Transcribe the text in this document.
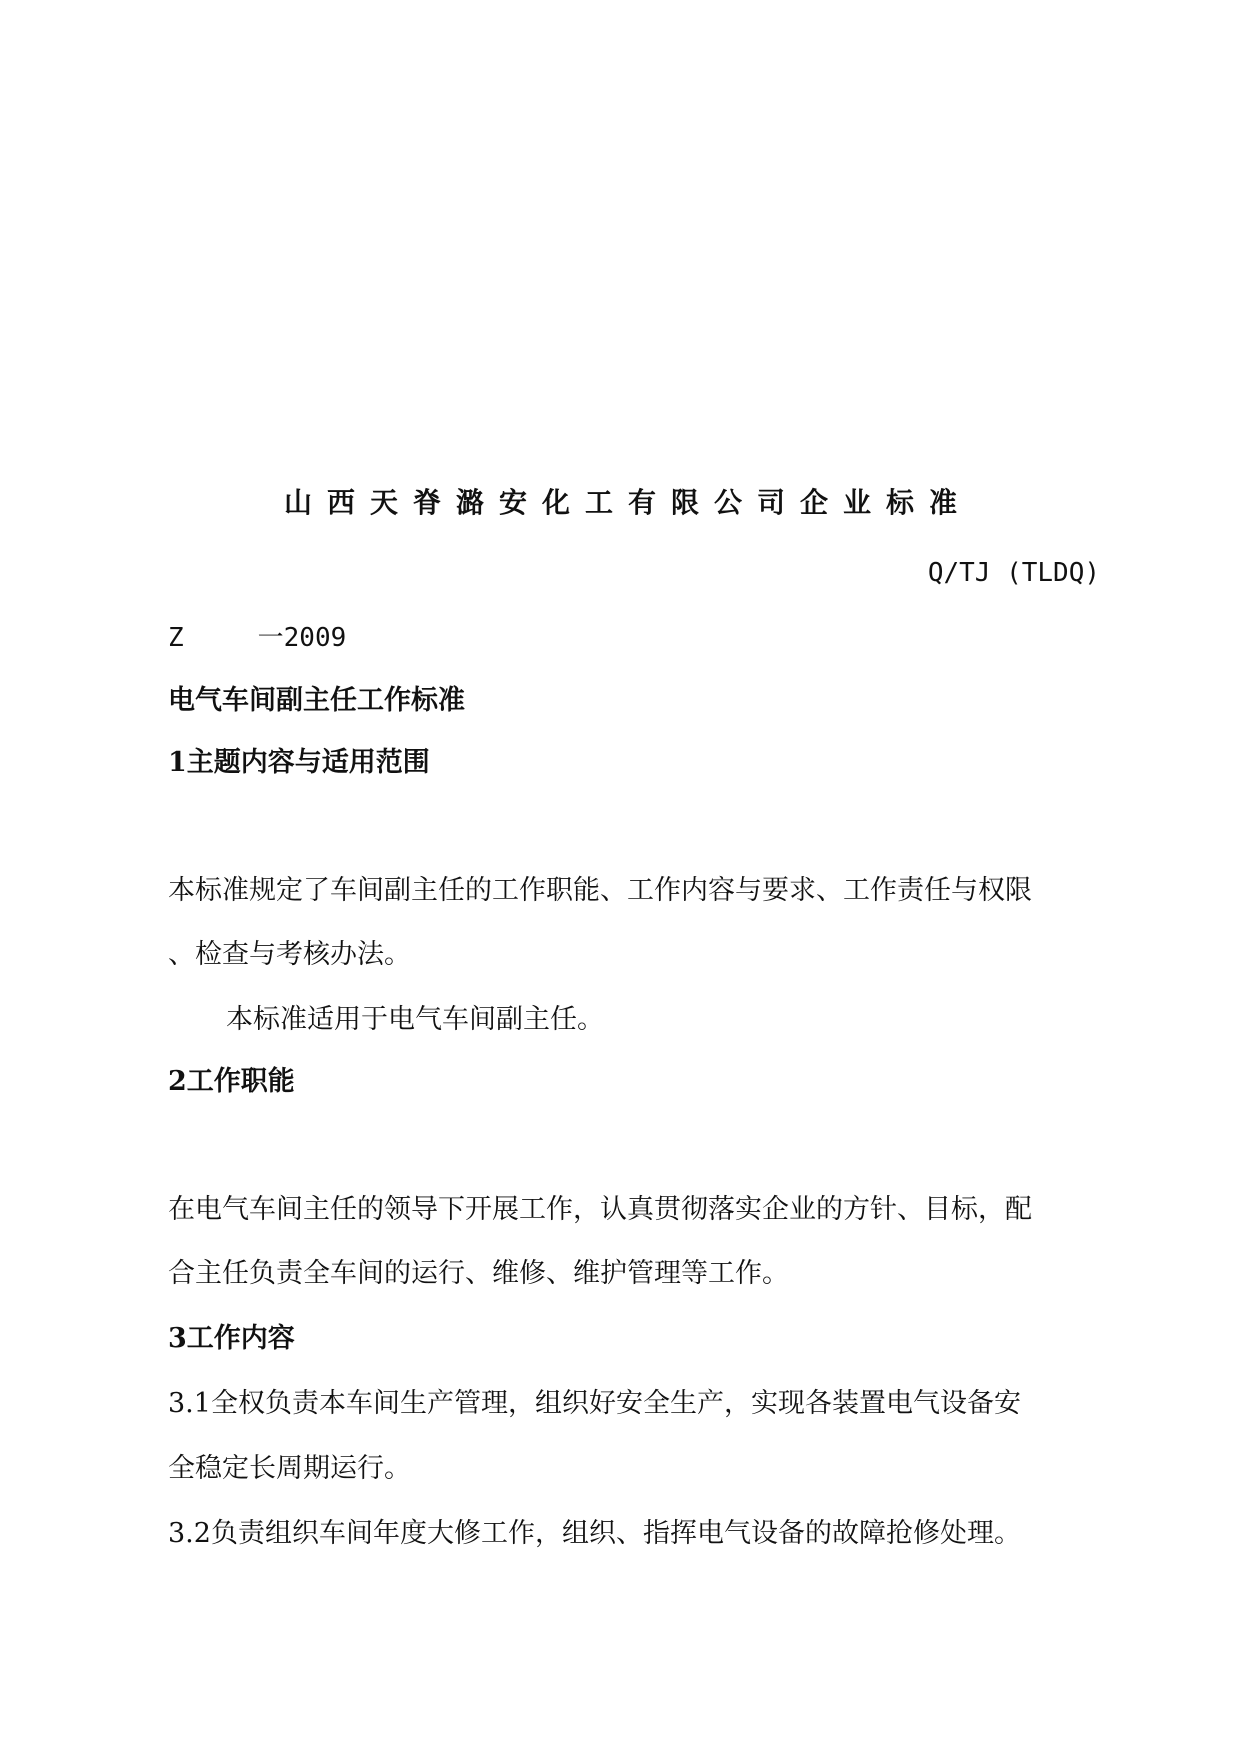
山西天脊潞安化工有限公司企业标准
Q/TJ (TLDQ)
Z	一2009
电气车间副主任工作标准
1主题内容与适用范围
本标准规定了车间副主任的工作职能、工作内容与要求、工作责任与权限
、检查与考核办法。
本标准适用于电气车间副主任。
2工作职能
在电气车间主任的领导下开展工作，认真贯彻落实企业的方针、目标，配
合主任负责全车间的运行、维修、维护管理等工作。
3工作内容
3.1全权负责本车间生产管理，组织好安全生产，实现各装置电气设备安
全稳定长周期运行。
3.2负责组织车间年度大修工作，组织、指挥电气设备的故障抢修处理。
